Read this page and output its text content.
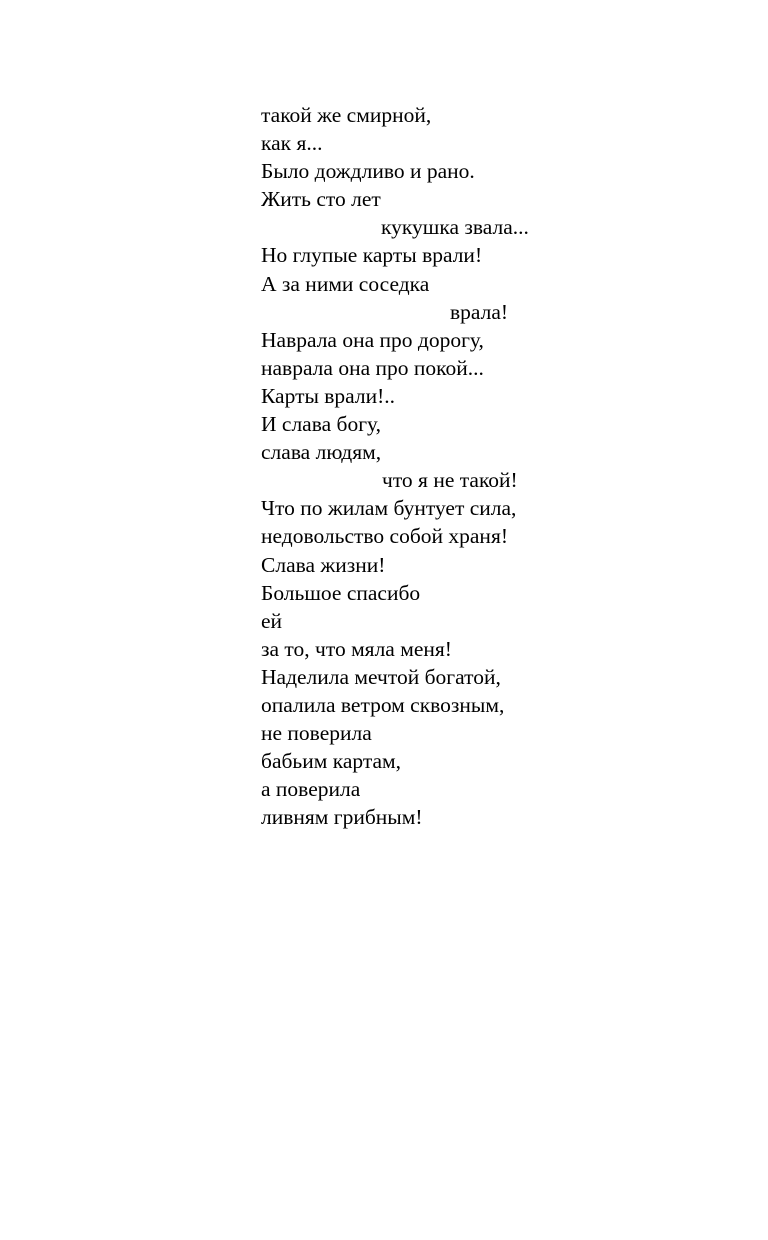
такой же смирной,
как я...
Было дождливо и рано.
Жить сто лет
кукушка звала...
Но глупые карты врали!
А за ними соседка
врала!
Наврала она про дорогу,
наврала она про покой...
Карты врали!..
И слава богу,
слава людям,
что я не такой!
Что по жилам бунтует сила,
недовольство собой храня!
Слава жизни!
Большое спасибо
ей
за то, что мяла меня!
Наделила мечтой богатой,
опалила ветром сквозным,
не поверила
бабьим картам,
а поверила
ливням грибным!
